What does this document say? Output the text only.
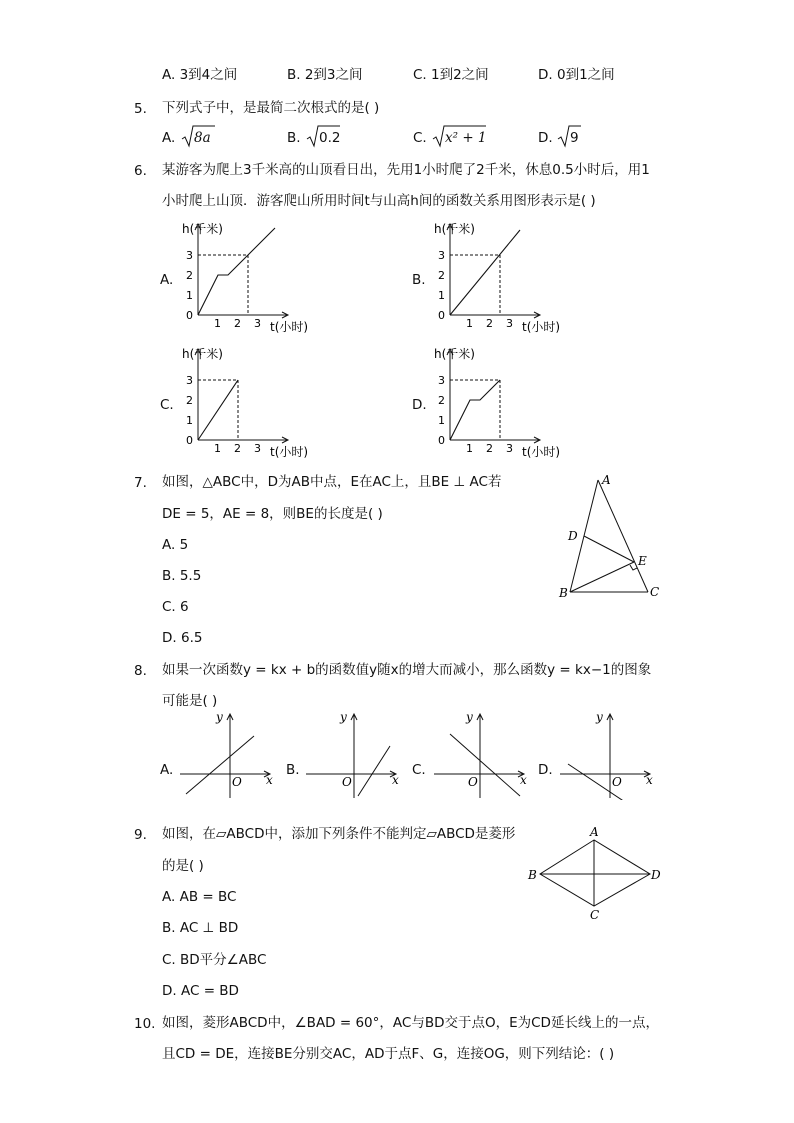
A. 3到4之间	B. 2到3之间	C. 1到2之间	D. 0到1之间
5. 下列式子中，是最简二次根式的是( )
A. 8a	B. 0.2	C. x² + 1	D. 9
6. 某游客为爬上3千米高的山顶看日出，先用1小时爬了2千米，休息0.5小时后，用1
小时爬上山顶．游客爬山所用时间t与山高h间的函数关系用图形表示是( )
A.
h(千米)
t(小时)
3
2
1
0
1 2 3
B.
h(千米)
t(小时)
3
2
1
0
1 2 3
C.
h(千米)
t(小时)
3
2
1
0
1 2 3
D.
h(千米)
t(小时)
3
2
1
0
1 2 3
7. 如图，△ABC中，D为AB中点，E在AC上，且BE ⊥ AC若
DE = 5，AE = 8，则BE的长度是( )
A. 5
B. 5.5
C. 6
D. 6.5
A
D
E
B	C
8. 如果一次函数y = kx + b的函数值y随x的增大而减小，那么函数y = kx−1的图象
可能是( )
A.
y
x
O
B.
y
x
O
C.
y
x
O
D.
y
x
O
9. 如图，在▱ABCD中，添加下列条件不能判定▱ABCD是菱形
的是( )
A. AB = BC
B. AC ⊥ BD
C. BD平分∠ABC
D. AC = BD
A
B
C
D
10. 如图，菱形ABCD中，∠BAD = 60°，AC与BD交于点O，E为CD延长线上的一点，
且CD = DE，连接BE分别交AC，AD于点F、G，连接OG，则下列结论：( )
